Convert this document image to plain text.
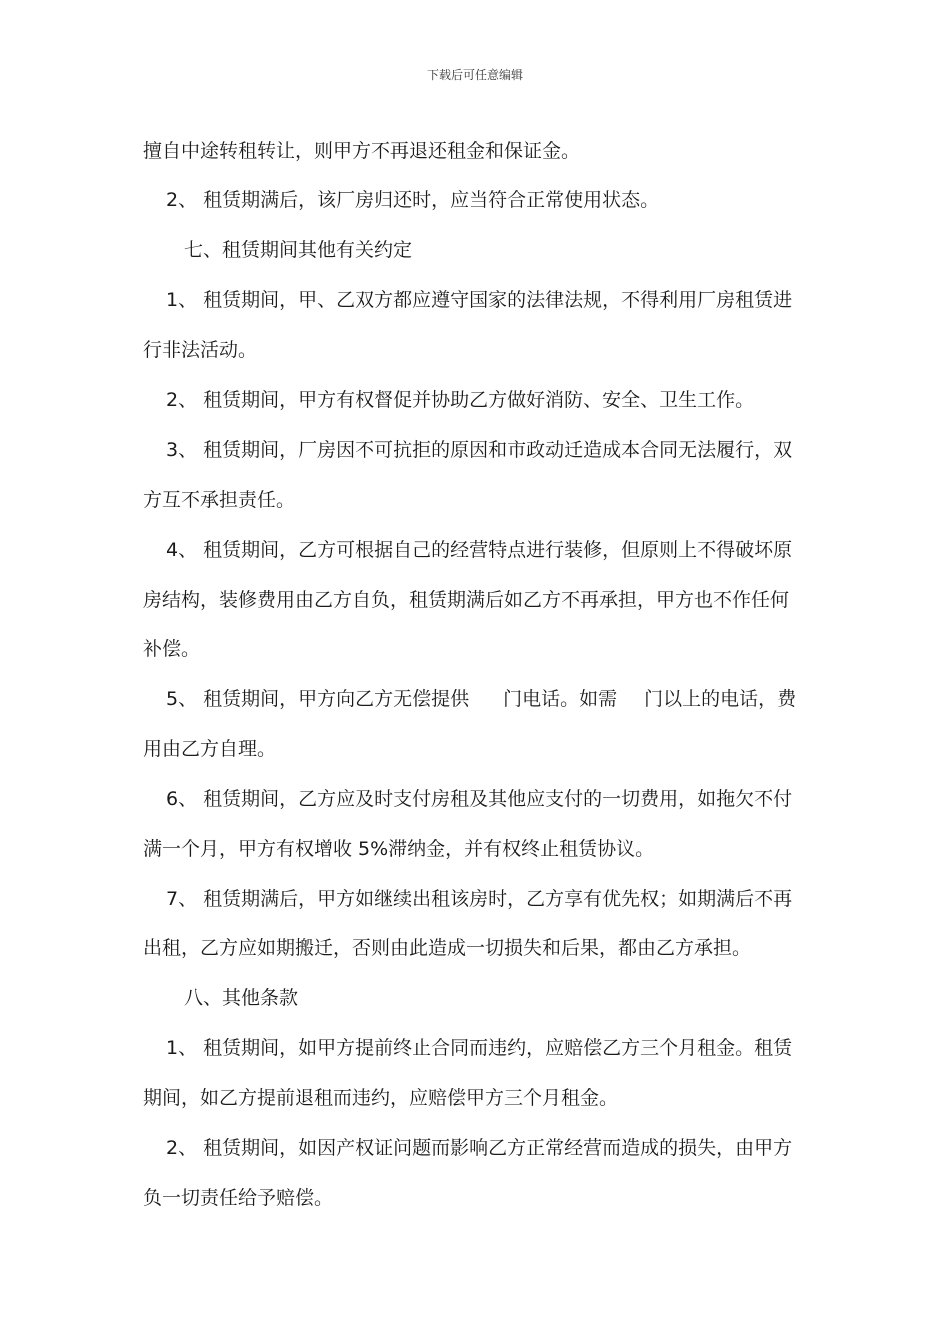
下载后可任意编辑
擅自中途转租转让，则甲方不再退还租金和保证金。
2、 租赁期满后，该厂房归还时，应当符合正常使用状态。
七、租赁期间其他有关约定
1、 租赁期间，甲、乙双方都应遵守国家的法律法规，不得利用厂房租赁进
行非法活动。
2、 租赁期间，甲方有权督促并协助乙方做好消防、安全、卫生工作。
3、 租赁期间，厂房因不可抗拒的原因和市政动迁造成本合同无法履行，双
方互不承担责任。
4、 租赁期间，乙方可根据自己的经营特点进行装修，但原则上不得破坏原
房结构，装修费用由乙方自负，租赁期满后如乙方不再承担，甲方也不作任何
补偿。
5、 租赁期间，甲方向乙方无偿提供 门电话。如需 门以上的电话，费
用由乙方自理。
6、 租赁期间，乙方应及时支付房租及其他应支付的一切费用，如拖欠不付
满一个月，甲方有权增收 5%滞纳金，并有权终止租赁协议。
7、 租赁期满后，甲方如继续出租该房时，乙方享有优先权；如期满后不再
出租，乙方应如期搬迁，否则由此造成一切损失和后果，都由乙方承担。
八、其他条款
1、 租赁期间，如甲方提前终止合同而违约，应赔偿乙方三个月租金。租赁
期间，如乙方提前退租而违约，应赔偿甲方三个月租金。
2、 租赁期间，如因产权证问题而影响乙方正常经营而造成的损失，由甲方
负一切责任给予赔偿。
